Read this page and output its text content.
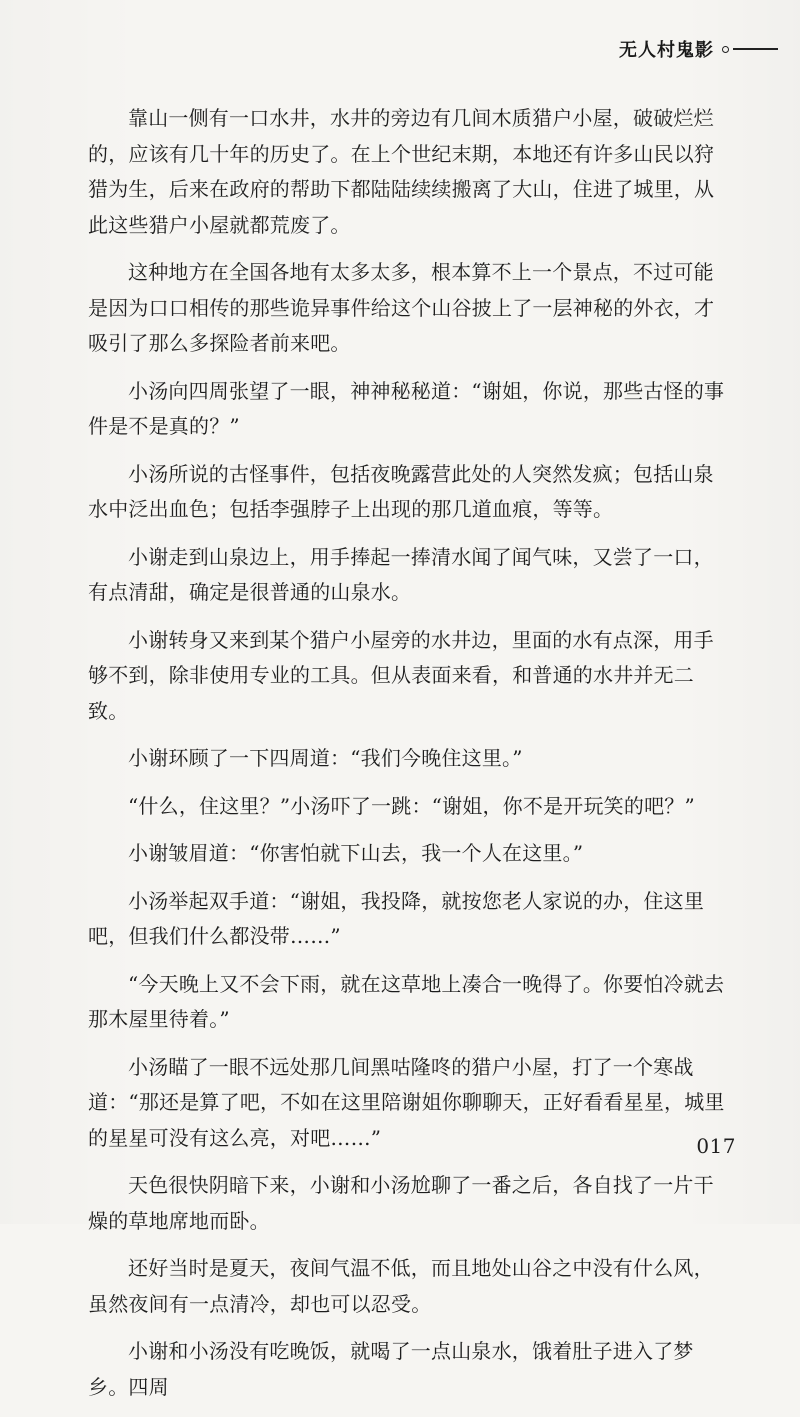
无人村鬼影

靠山一侧有一口水井，水井的旁边有几间木质猎户小屋，破破烂烂的，应该有几十年的历史了。在上个世纪末期，本地还有许多山民以狩猎为生，后来在政府的帮助下都陆陆续续搬离了大山，住进了城里，从此这些猎户小屋就都荒废了。

这种地方在全国各地有太多太多，根本算不上一个景点，不过可能是因为口口相传的那些诡异事件给这个山谷披上了一层神秘的外衣，才吸引了那么多探险者前来吧。

小汤向四周张望了一眼，神神秘秘道：“谢姐，你说，那些古怪的事件是不是真的？”

小汤所说的古怪事件，包括夜晚露营此处的人突然发疯；包括山泉水中泛出血色；包括李强脖子上出现的那几道血痕，等等。

小谢走到山泉边上，用手捧起一捧清水闻了闻气味，又尝了一口，有点清甜，确定是很普通的山泉水。

小谢转身又来到某个猎户小屋旁的水井边，里面的水有点深，用手够不到，除非使用专业的工具。但从表面来看，和普通的水井并无二致。

小谢环顾了一下四周道：“我们今晚住这里。”

“什么，住这里？”小汤吓了一跳：“谢姐，你不是开玩笑的吧？”

小谢皱眉道：“你害怕就下山去，我一个人在这里。”

小汤举起双手道：“谢姐，我投降，就按您老人家说的办，住这里吧，但我们什么都没带……”

“今天晚上又不会下雨，就在这草地上凑合一晚得了。你要怕冷就去那木屋里待着。”

小汤瞄了一眼不远处那几间黑咕隆咚的猎户小屋，打了一个寒战道：“那还是算了吧，不如在这里陪谢姐你聊聊天，正好看看星星，城里的星星可没有这么亮，对吧……”

天色很快阴暗下来，小谢和小汤尬聊了一番之后，各自找了一片干燥的草地席地而卧。

还好当时是夏天，夜间气温不低，而且地处山谷之中没有什么风，虽然夜间有一点清冷，却也可以忍受。

小谢和小汤没有吃晚饭，就喝了一点山泉水，饿着肚子进入了梦乡。四周

017
